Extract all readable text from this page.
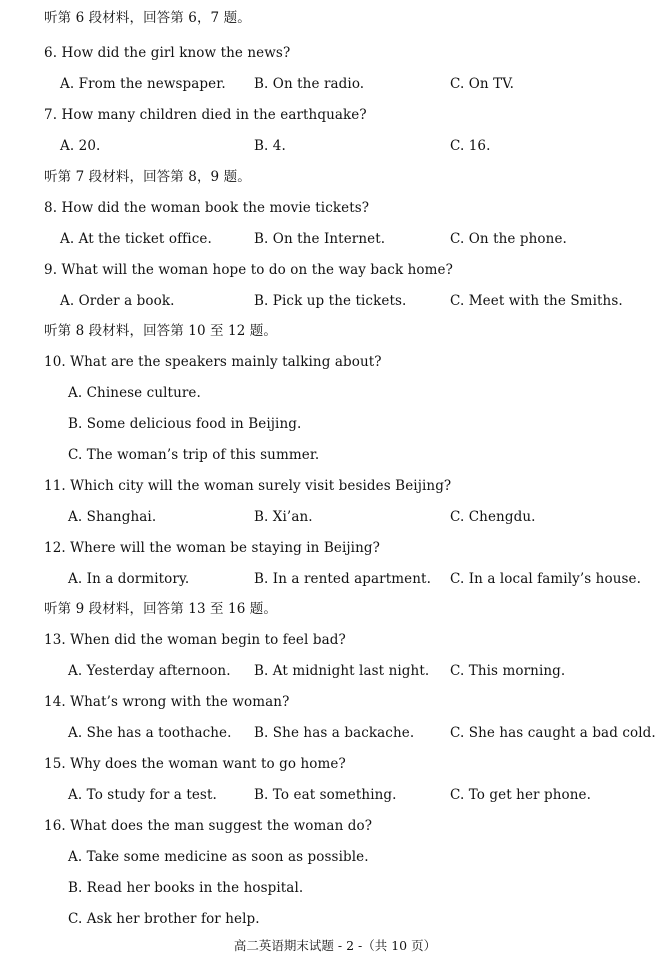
听第 6 段材料，回答第 6，7 题。
6. How did the girl know the news?
A. From the newspaper. B. On the radio.	C. On TV.
7. How many children died in the earthquake?
A. 20.	B. 4.	C. 16.
听第 7 段材料，回答第 8，9 题。
8. How did the woman book the movie tickets?
A. At the ticket office.	B. On the Internet.	C. On the phone.
9. What will the woman hope to do on the way back home?
A. Order a book.	B. Pick up the tickets.	C. Meet with the Smiths.
听第 8 段材料，回答第 10 至 12 题。
10. What are the speakers mainly talking about?
A. Chinese culture.
B. Some delicious food in Beijing.
C. The woman’s trip of this summer.
11. Which city will the woman surely visit besides Beijing?
A. Shanghai.	B. Xi’an.	C. Chengdu.
12. Where will the woman be staying in Beijing?
A. In a dormitory.	B. In a rented apartment. C. In a local family’s house.
听第 9 段材料，回答第 13 至 16 题。
13. When did the woman begin to feel bad?
A. Yesterday afternoon. B. At midnight last night. C. This morning.
14. What’s wrong with the woman?
A. She has a toothache. B. She has a backache.	C. She has caught a bad cold.
15. Why does the woman want to go home?
A. To study for a test.	B. To eat something.	C. To get her phone.
16. What does the man suggest the woman do?
A. Take some medicine as soon as possible.
B. Read her books in the hospital.
C. Ask her brother for help.
高二英语期末试题 - 2 -（共 10 页）
